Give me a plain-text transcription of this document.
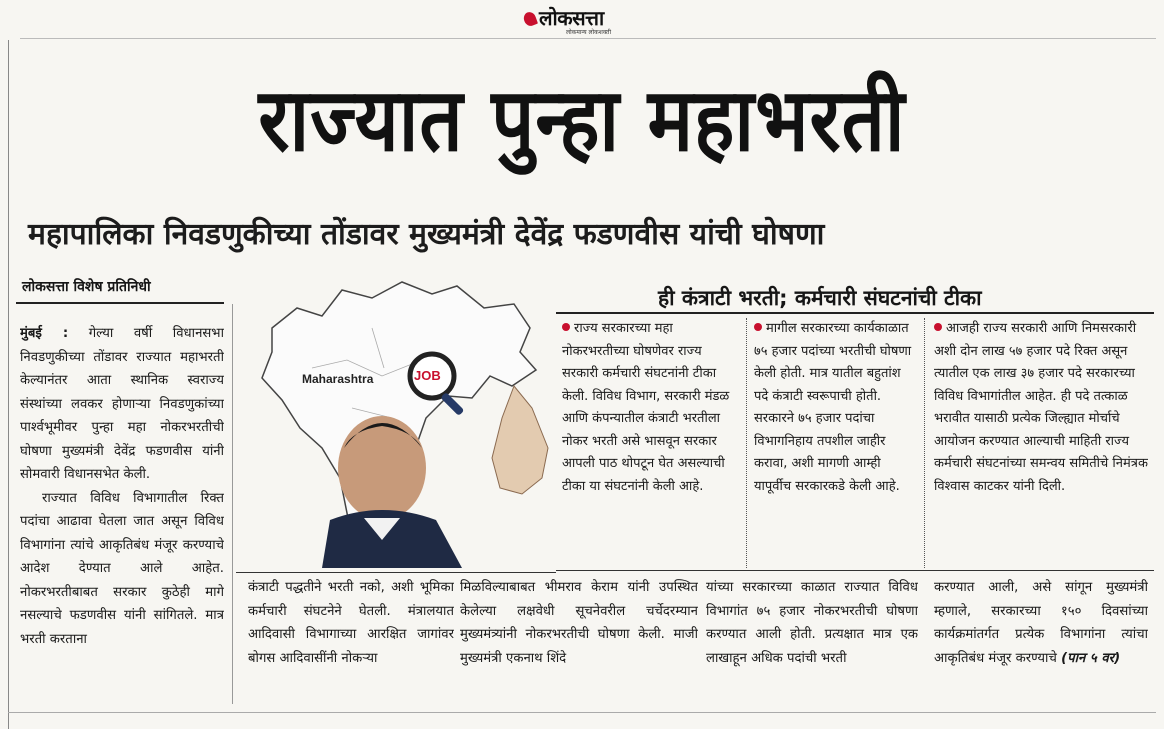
लोकसत्ता
लोकमान्य लोकशक्ती
राज्यात पुन्हा महाभरती
महापालिका निवडणुकीच्या तोंडावर मुख्यमंत्री देवेंद्र फडणवीस यांची घोषणा
लोकसत्ता विशेष प्रतिनिधी

मुंबई : गेल्या वर्षी विधानसभा निवडणुकीच्या तोंडावर राज्यात महाभरती केल्यानंतर आता स्थानिक स्वराज्य संस्थांच्या लवकर होणाऱ्या निवडणुकांच्या पार्श्वभूमीवर पुन्हा महा नोकरभरतीची घोषणा मुख्यमंत्री देवेंद्र फडणवीस यांनी सोमवारी विधानसभेत केली.

राज्यात विविध विभागातील रिक्त पदांचा आढावा घेतला जात असून विविध विभागांना त्यांचे आकृतिबंध मंजूर करण्याचे आदेश देण्यात आले आहेत. नोकरभरतीबाबत सरकार कुठेही मागे नसल्याचे फडणवीस यांनी सांगितले. मात्र भरती करताना

Maharashtra	JOB
ही कंत्राटी भरती; कर्मचारी संघटनांची टीका
राज्य सरकारच्या महा नोकरभरतीच्या घोषणेवर राज्य सरकारी कर्मचारी संघटनांनी टीका केली. विविध विभाग, सरकारी मंडळ आणि कंपन्यातील कंत्राटी भरतीला नोकर भरती असे भासवून सरकार आपली पाठ थोपटून घेत असल्याची टीका या संघटनांनी केली आहे.
मागील सरकारच्या कार्यकाळात ७५ हजार पदांच्या भरतीची घोषणा केली होती. मात्र यातील बहुतांश पदे कंत्राटी स्वरूपाची होती. सरकारने ७५ हजार पदांचा विभागनिहाय तपशील जाहीर करावा, अशी मागणी आम्ही यापूर्वीच सरकारकडे केली आहे.
आजही राज्य सरकारी आणि निमसरकारी अशी दोन लाख ५७ हजार पदे रिक्त असून त्यातील एक लाख ३७ हजार पदे सरकारच्या विविध विभागांतील आहेत. ही पदे तत्काळ भरावीत यासाठी प्रत्येक जिल्ह्यात मोर्चाचे आयोजन करण्यात आल्याची माहिती राज्य कर्मचारी संघटनांच्या समन्वय समितीचे निमंत्रक विश्वास काटकर यांनी दिली.
कंत्राटी पद्धतीने भरती नको, अशी भूमिका कर्मचारी संघटनेने घेतली. मंत्रालयात आदिवासी विभागाच्या आरक्षित जागांवर बोगस आदिवासींनी नोकऱ्या
मिळविल्याबाबत भीमराव केराम यांनी उपस्थित केलेल्या लक्षवेधी सूचनेवरील चर्चेदरम्यान मुख्यमंत्र्यांनी नोकरभरतीची घोषणा केली. माजी मुख्यमंत्री एकनाथ शिंदे
यांच्या सरकारच्या काळात राज्यात विविध विभागांत ७५ हजार नोकरभरतीची घोषणा करण्यात आली होती. प्रत्यक्षात मात्र एक लाखाहून अधिक पदांची भरती
करण्यात आली, असे सांगून मुख्यमंत्री म्हणाले, सरकारच्या १५० दिवसांच्या कार्यक्रमांतर्गत प्रत्येक विभागांना त्यांचा आकृतिबंध मंजूर करण्याचे (पान ५ वर)
